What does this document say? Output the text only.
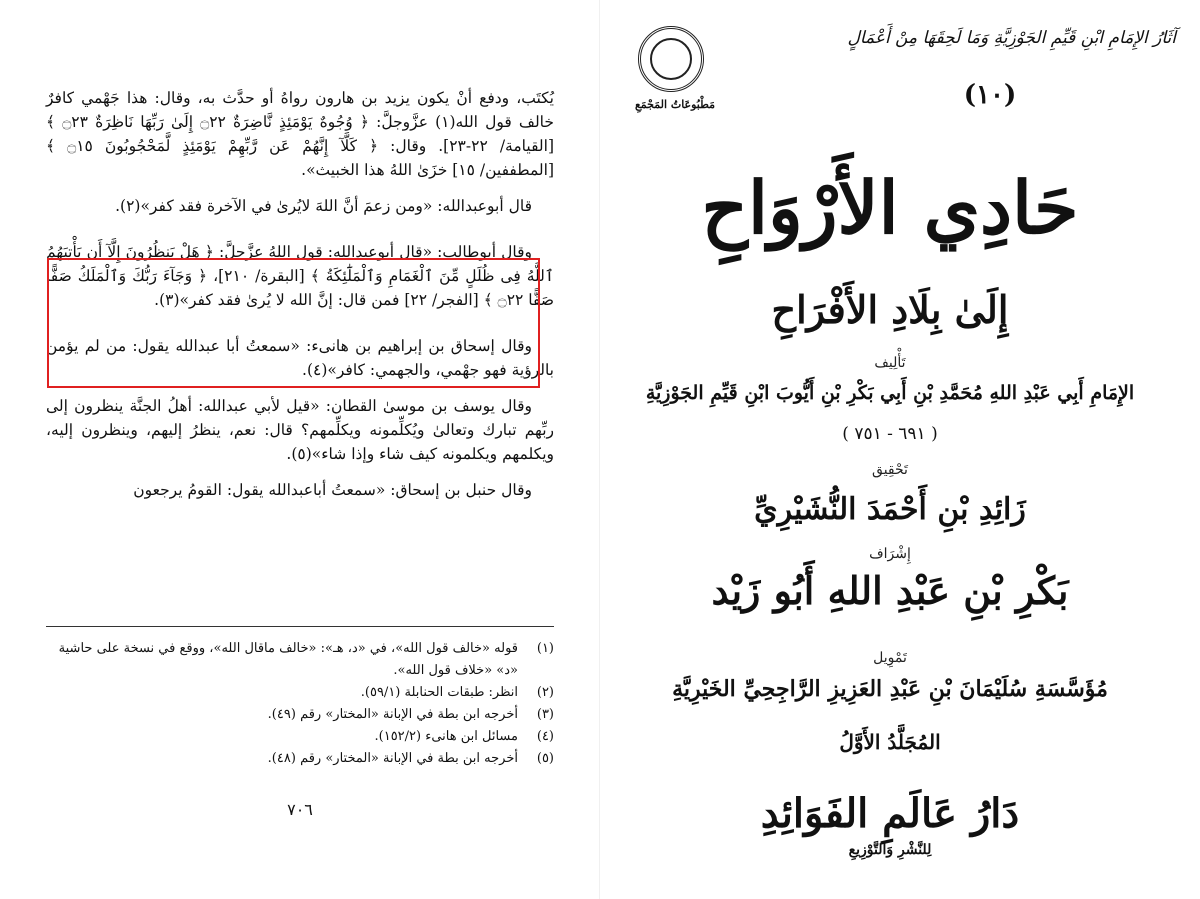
يُكتَب، ودفع أنْ يكون يزيد بن هارون رواهُ أو حدَّث به، وقال: هذا جَهْمي كافرٌ خالف قول الله(١) عزَّوجلَّ: ﴿ وُجُوهٌ يَوْمَئِذٍ نَّاضِرَةٌ ۝٢٢ إِلَىٰ رَبِّهَا نَاظِرَةٌ ۝٢٣ ﴾ [القيامة/ ٢٢-٢٣]. وقال: ﴿ كَلَّآ إِنَّهُمْ عَن رَّبِّهِمْ يَوْمَئِذٍ لَّمَحْجُوبُونَ ۝١٥ ﴾ [المطففين/ ١٥] خزَىٰ اللهُ هذا الخبيث».

قال أبوعبدالله: «ومن زعمَ أنَّ اللهَ لايُرىٰ في الآخرة فقد كفر»(٢).

وقال أبوطالب: «قال أبوعبدالله: قول اللهُ عزَّجلَّ: ﴿ هَلْ يَنظُرُونَ إِلَّآ أَن يَأْتِيَهُمُ ٱللَّهُ فِى ظُلَلٍ مِّنَ ٱلْغَمَامِ وَٱلْمَلَٰٓئِكَةُ ﴾ [البقرة/ ٢١٠]، ﴿ وَجَآءَ رَبُّكَ وَٱلْمَلَكُ صَفًّا صَفًّا ۝٢٢ ﴾ [الفجر/ ٢٢] فمن قال: إنَّ الله لا يُرىٰ فقد كفر»(٣).

وقال إسحاق بن إبراهيم بن هانىء: «سمعتُ أبا عبدالله يقول: من لم يؤمن بالرؤية فهو جهْمي، والجهمي: كافر»(٤).

وقال يوسف بن موسىٰ القطان: «قيل لأبي عبدالله: أهلُ الجنَّة ينظرون إلى ربِّهم تبارك وتعالىٰ ويُكلِّمونه ويكلِّمهم؟ قال: نعم، ينظرُ إليهم، وينظرون إليه، ويكلمهم ويكلمونه كيف شاء وإذا شاء»(٥).

وقال حنبل بن إسحاق: «سمعتُ أباعبدالله يقول: القومُ يرجعون

(١)
قوله «خالف قول الله»، في «د، هـ»: «خالف ماقال الله»، ووقع في نسخة على حاشية «د» «خلاف قول الله».
(٢)
انظر: طبقات الحنابلة (٥٩/١).
(٣)
أخرجه ابن بطة في الإبانة «المختار» رقم (٤٩).
(٤)
مسائل ابن هانىء (١٥٢/٢).
(٥)
أخرجه ابن بطة في الإبانة «المختار» رقم (٤٨).
٧٠٦
آثَارُ الإِمَامِ ابْنِ قَيِّمِ الجَوْزِيَّةِ وَمَا لَحِقَهَا مِنْ أَعْمَالٍ
(١٠)
مَطْبُوعَاتُ المَجْمَعِ
حَادِي الأَرْوَاحِ
إِلَىٰ بِلَادِ الأَفْرَاحِ
تَأْلِيف
الإِمَامِ أَبِي عَبْدِ اللهِ مُحَمَّدِ بْنِ أَبِي بَكْرِ بْنِ أَيُّوبَ ابْنِ قَيِّمِ الجَوْزِيَّةِ
( ٦٩١ - ٧٥١ )
تَحْقِيق
زَائِدِ بْنِ أَحْمَدَ النُّشَيْرِيِّ
إِشْرَاف
بَكْرِ بْنِ عَبْدِ اللهِ أَبُو زَيْد
تَمْوِيل
مُؤَسَّسَةِ سُلَيْمَانَ بْنِ عَبْدِ العَزِيزِ الرَّاجِحِيِّ الخَيْرِيَّةِ
المُجَلَّدُ الأَوَّلُ
دَارُ عَالَمِ الفَوَائِدِ
لِلنَّشْرِ وَالتَّوْزِيعِ
